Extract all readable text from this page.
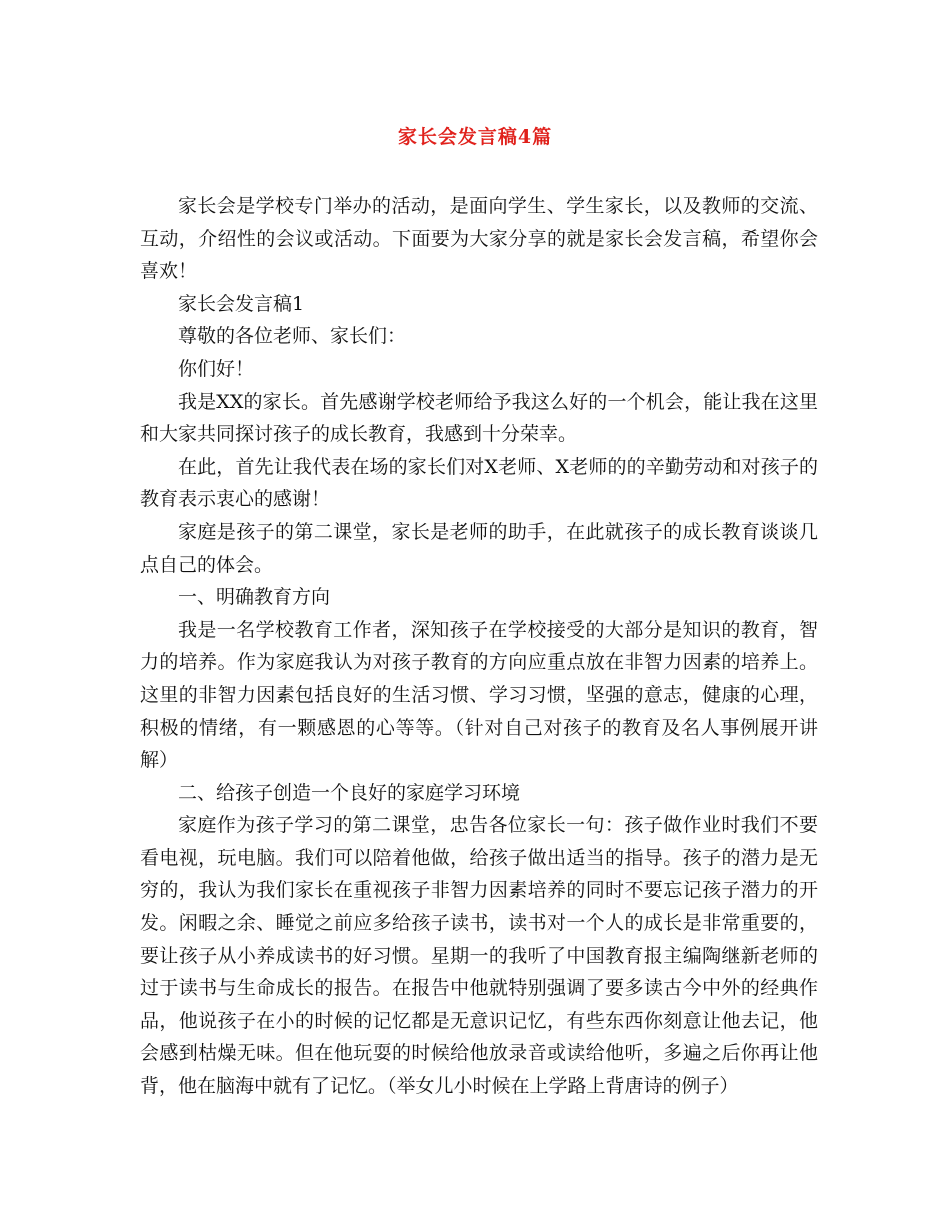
家长会发言稿4篇

家长会是学校专门举办的活动，是面向学生、学生家长，以及教师的交流、互动，介绍性的会议或活动。下面要为大家分享的就是家长会发言稿，希望你会喜欢！

家长会发言稿1

尊敬的各位老师、家长们：

你们好！

我是XX的家长。首先感谢学校老师给予我这么好的一个机会，能让我在这里和大家共同探讨孩子的成长教育，我感到十分荣幸。

在此，首先让我代表在场的家长们对X老师、X老师的的辛勤劳动和对孩子的教育表示衷心的感谢！

家庭是孩子的第二课堂，家长是老师的助手，在此就孩子的成长教育谈谈几点自己的体会。

一、明确教育方向

我是一名学校教育工作者，深知孩子在学校接受的大部分是知识的教育，智力的培养。作为家庭我认为对孩子教育的方向应重点放在非智力因素的培养上。这里的非智力因素包括良好的生活习惯、学习习惯，坚强的意志，健康的心理，积极的情绪，有一颗感恩的心等等。（针对自己对孩子的教育及名人事例展开讲解）

二、给孩子创造一个良好的家庭学习环境

家庭作为孩子学习的第二课堂，忠告各位家长一句：孩子做作业时我们不要看电视，玩电脑。我们可以陪着他做，给孩子做出适当的指导。孩子的潜力是无穷的，我认为我们家长在重视孩子非智力因素培养的同时不要忘记孩子潜力的开发。闲暇之余、睡觉之前应多给孩子读书，读书对一个人的成长是非常重要的，要让孩子从小养成读书的好习惯。星期一的我听了中国教育报主编陶继新老师的过于读书与生命成长的报告。在报告中他就特别强调了要多读古今中外的经典作品，他说孩子在小的时候的记忆都是无意识记忆，有些东西你刻意让他去记，他会感到枯燥无味。但在他玩耍的时候给他放录音或读给他听，多遍之后你再让他背，他在脑海中就有了记忆。（举女儿小时候在上学路上背唐诗的例子）
